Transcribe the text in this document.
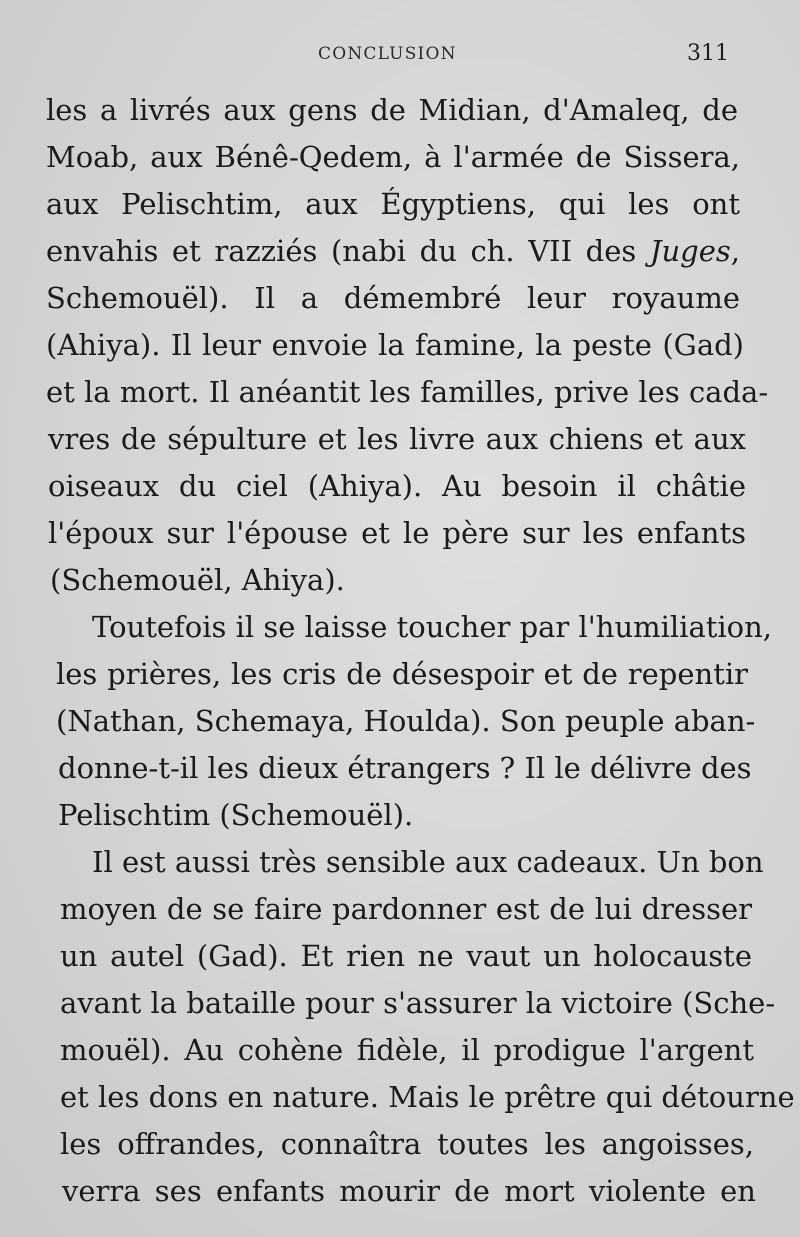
CONCLUSION	311
les a livrés aux gens de Midian, d'Amaleq, de
Moab, aux Bénê-Qedem, à l'armée de Sissera,
aux Pelischtim, aux Égyptiens, qui les ont
envahis et razziés (nabi du ch. VII des Juges,
Schemouël). Il a démembré leur royaume
(Ahiya). Il leur envoie la famine, la peste (Gad)
et la mort. Il anéantit les familles, prive les cada-
vres de sépulture et les livre aux chiens et aux
oiseaux du ciel (Ahiya). Au besoin il châtie
l'époux sur l'épouse et le père sur les enfants
(Schemouël, Ahiya).
Toutefois il se laisse toucher par l'humiliation,
les prières, les cris de désespoir et de repentir
(Nathan, Schemaya, Houlda). Son peuple aban-
donne-t-il les dieux étrangers ? Il le délivre des
Pelischtim (Schemouël).
Il est aussi très sensible aux cadeaux. Un bon
moyen de se faire pardonner est de lui dresser
un autel (Gad). Et rien ne vaut un holocauste
avant la bataille pour s'assurer la victoire (Sche-
mouël). Au cohène fidèle, il prodigue l'argent
et les dons en nature. Mais le prêtre qui détourne
les offrandes, connaîtra toutes les angoisses,
verra ses enfants mourir de mort violente en
